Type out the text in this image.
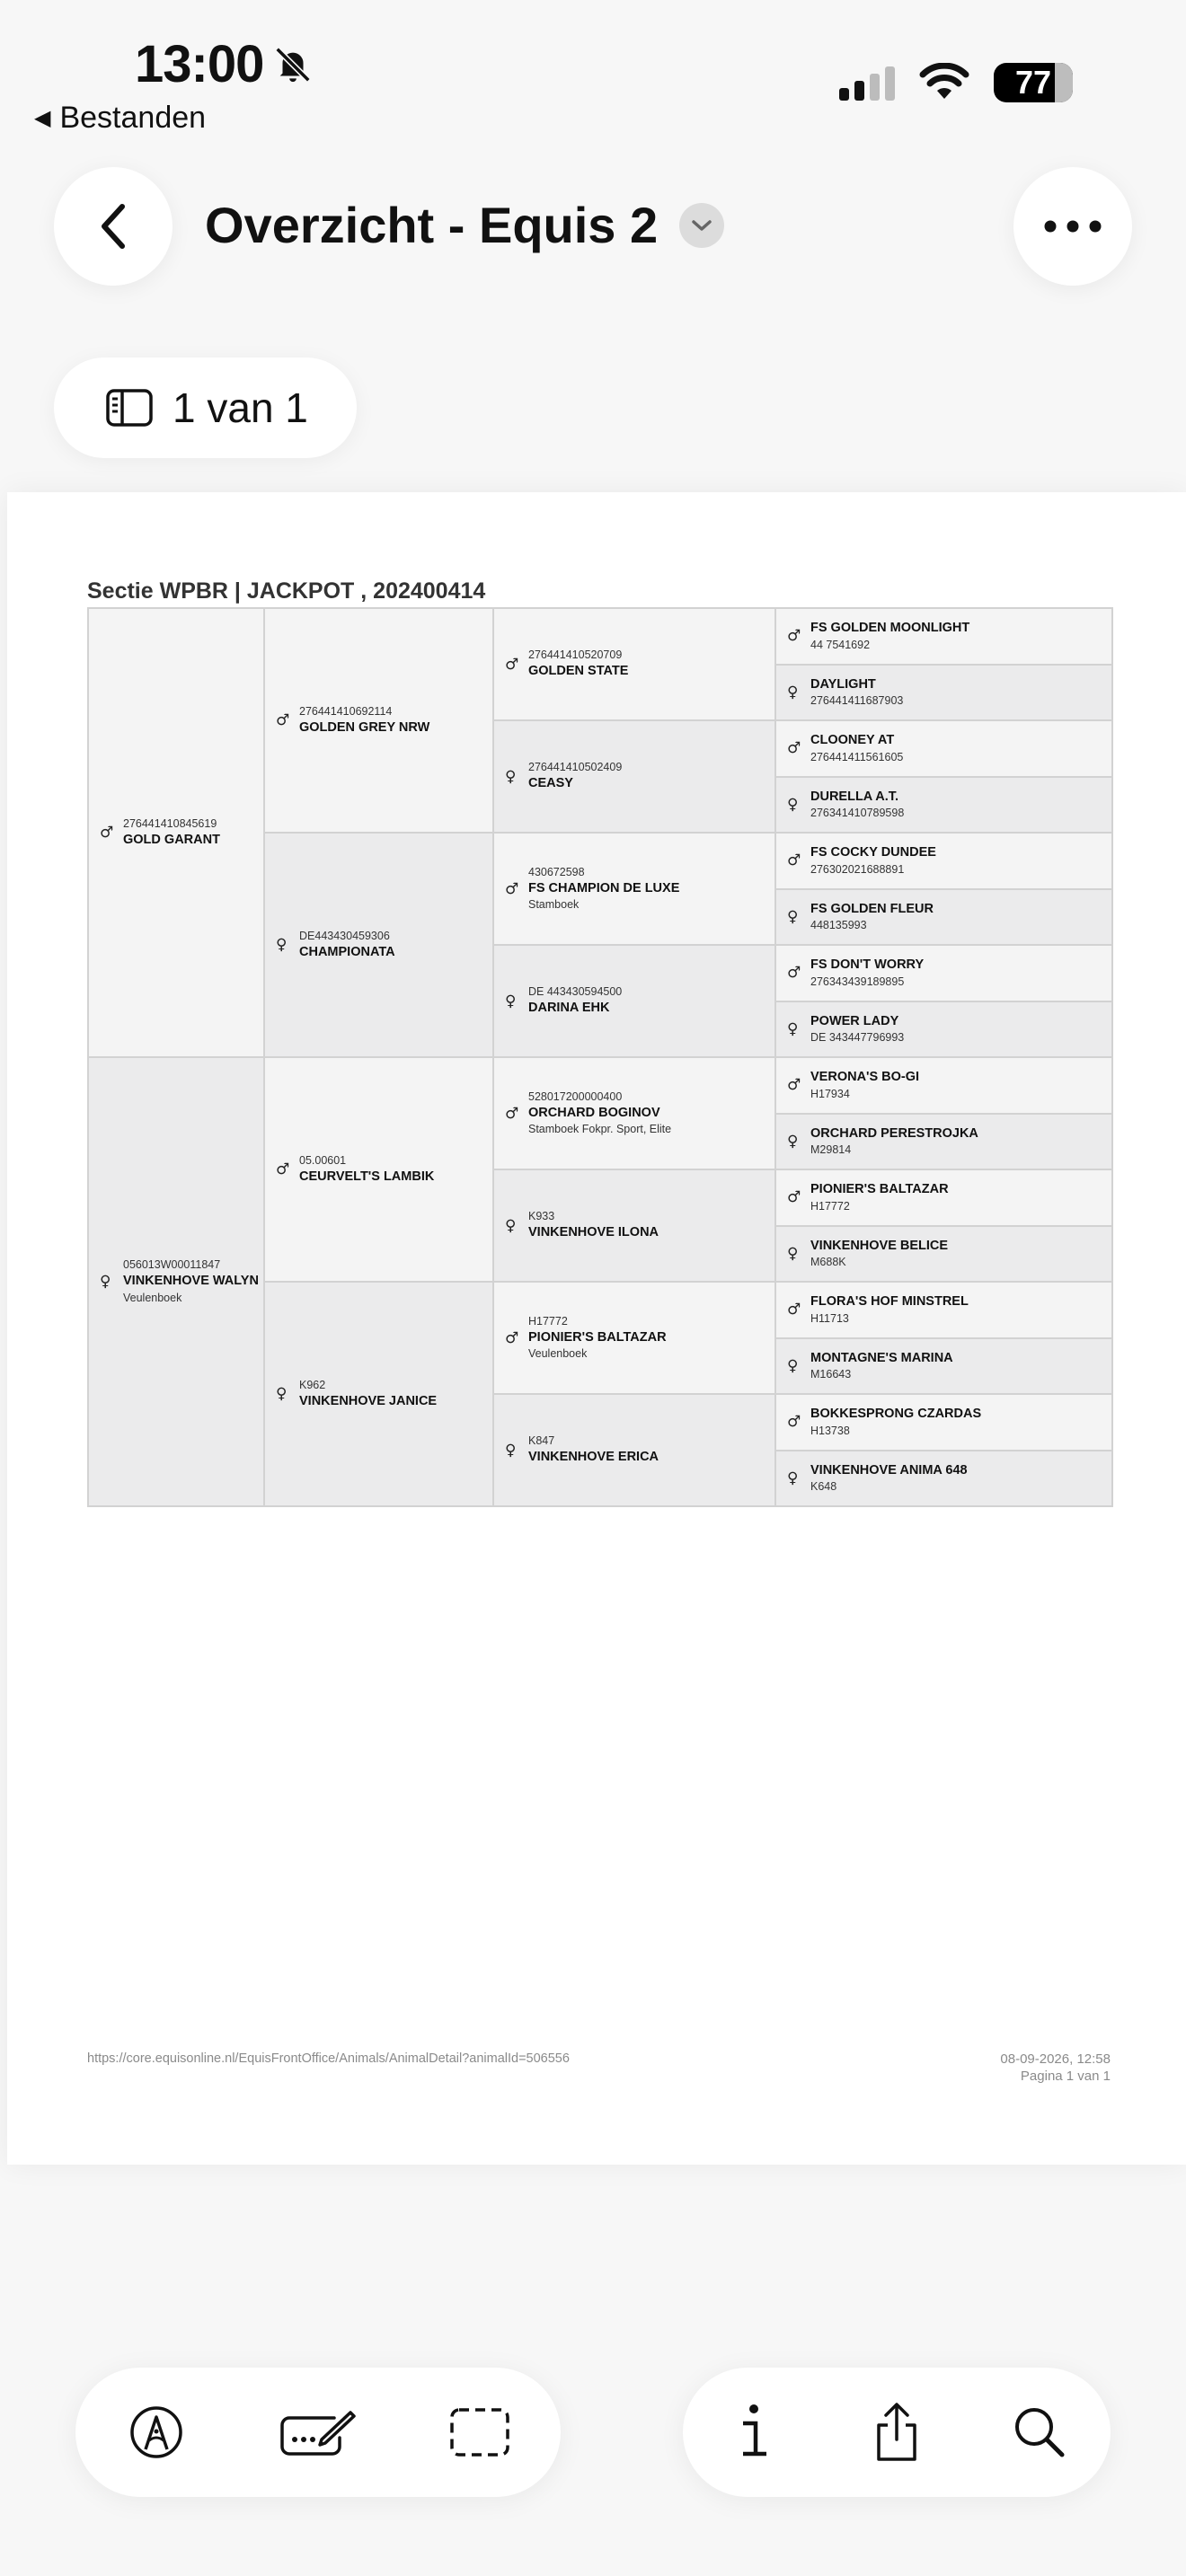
13:00
◀ Bestanden
77
Overzicht - Equis 2
1 van 1
Sectie WPBR | JACKPOT , 202400414
♂
276441410845619
GOLD GARANT
♀
056013W00011847
VINKENHOVE WALYN
Veulenboek
♂
276441410692114
GOLDEN GREY NRW
♀
DE443430459306
CHAMPIONATA
♂
05.00601
CEURVELT'S LAMBIK
♀
K962
VINKENHOVE JANICE
♂
276441410520709
GOLDEN STATE
♀
276441410502409
CEASY
♂
430672598
FS CHAMPION DE LUXE
Stamboek
♀
DE 443430594500
DARINA EHK
♂
528017200000400
ORCHARD BOGINOV
Stamboek Fokpr. Sport, Elite
♀
K933
VINKENHOVE ILONA
♂
H17772
PIONIER'S BALTAZAR
Veulenboek
♀
K847
VINKENHOVE ERICA
♂ FS GOLDEN MOONLIGHT
44 7541692
♀ DAYLIGHT
276441411687903
♂ CLOONEY AT
276441411561605
♀ DURELLA A.T.
276341410789598
♂ FS COCKY DUNDEE
276302021688891
♀ FS GOLDEN FLEUR
448135993
♂ FS DON'T WORRY
276343439189895
♀ POWER LADY
DE 343447796993
♂ VERONA'S BO-GI
H17934
♀ ORCHARD PERESTROJKA
M29814
♂ PIONIER'S BALTAZAR
H17772
♀ VINKENHOVE BELICE
M688K
♂ FLORA'S HOF MINSTREL
H11713
♀ MONTAGNE'S MARINA
M16643
♂ BOKKESPRONG CZARDAS
H13738
♀ VINKENHOVE ANIMA 648
K648
https://core.equisonline.nl/EquisFrontOffice/Animals/AnimalDetail?animalId=506556	08-09-2026, 12:58
Pagina 1 van 1
